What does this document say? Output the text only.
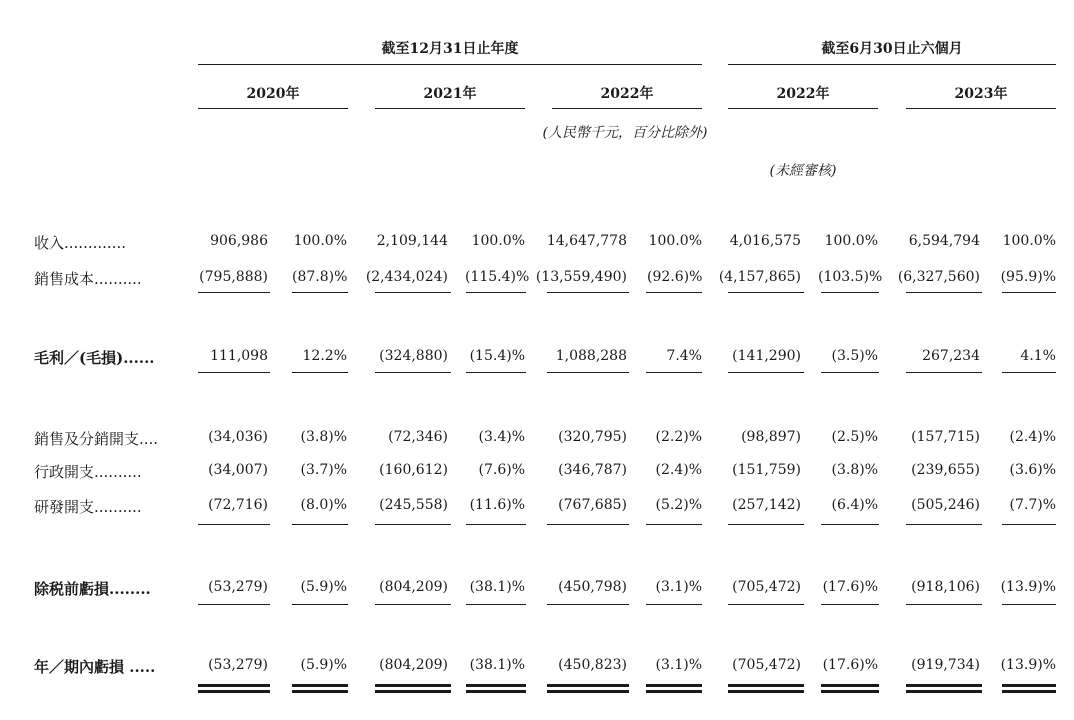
截至12月31日止年度	截至6月30日止六個月
2020年	2021年	2022年	2022年	2023年
(人民幣千元，百分比除外)
(未經審核)
收入.............	906,986 100.0%	2,109,144	100.0%	14,647,778 100.0%	4,016,575	100.0%	6,594,794	100.0%
銷售成本..........	(795,888) (87.8)%	(2,434,024) (115.4)% (13,559,490) (92.6)%	(4,157,865) (103.5)%	(6,327,560)	(95.9)%
毛利／(毛損)......	111,098	12.2%	(324,880)	(15.4)%	1,088,288	7.4%	(141,290)	(3.5)%	267,234	4.1%
銷售及分銷開支....	(34,036)	(3.8)%	(72,346)	(3.4)%	(320,795)	(2.2)%	(98,897)	(2.5)%	(157,715)	(2.4)%
行政開支..........	(34,007)	(3.7)%	(160,612)	(7.6)%	(346,787)	(2.4)%	(151,759)	(3.8)%	(239,655)	(3.6)%
研發開支..........	(72,716)	(8.0)%	(245,558)	(11.6)%	(767,685)	(5.2)%	(257,142)	(6.4)%	(505,246)	(7.7)%
除税前虧損........	(53,279)	(5.9)%	(804,209)	(38.1)%	(450,798)	(3.1)%	(705,472)	(17.6)%	(918,106)	(13.9)%
年／期內虧損 .....	(53,279)	(5.9)%	(804,209)	(38.1)%	(450,823)	(3.1)%	(705,472)	(17.6)%	(919,734)	(13.9)%
